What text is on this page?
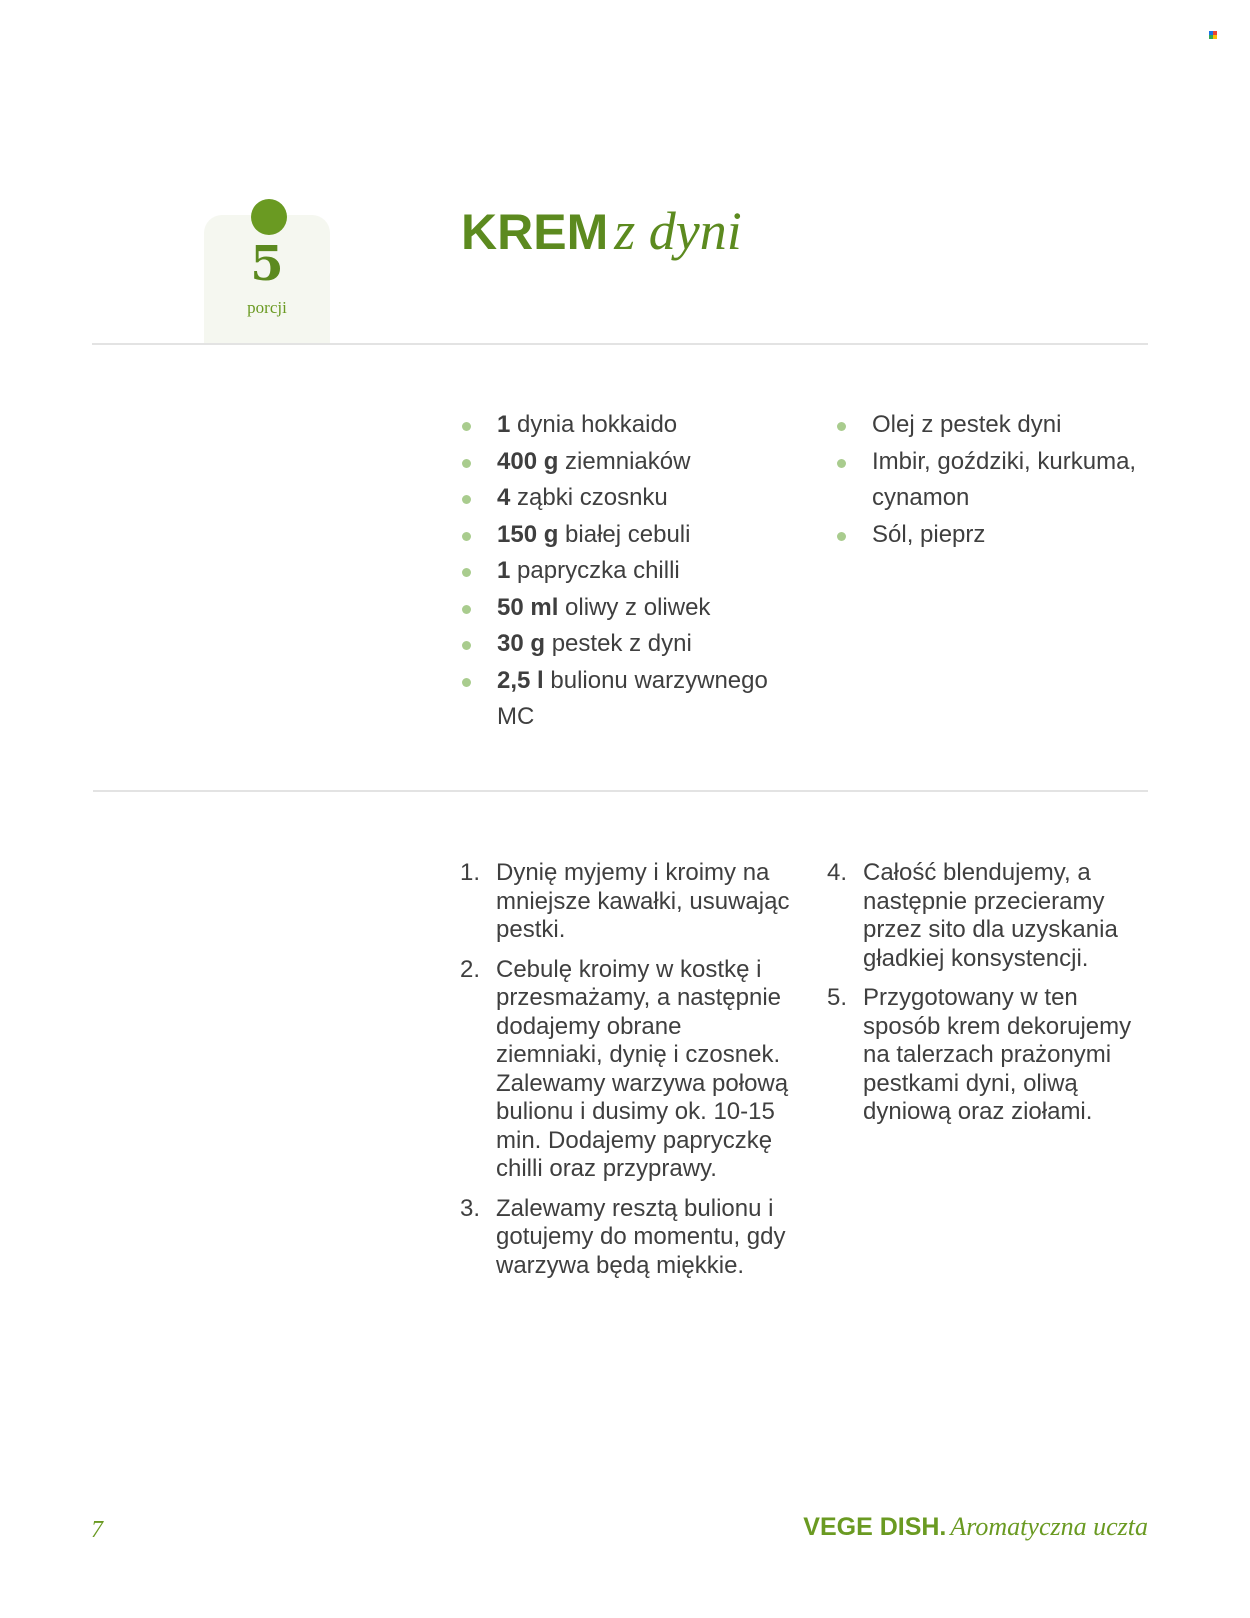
5
porcji
KREM z dyni
1 dynia hokkaido
400 g ziemniaków
4 ząbki czosnku
150 g białej cebuli
1 papryczka chilli
50 ml oliwy z oliwek
30 g pestek z dyni
2,5 l bulionu warzywnego MC
Olej z pestek dyni
Imbir, goździki, kurkuma, cynamon
Sól, pieprz
1. Dynię myjemy i kroimy na mniejsze kawałki, usuwając pestki.
2. Cebulę kroimy w kostkę i przesmażamy, a następnie dodajemy obrane ziemniaki, dynię i czosnek. Zalewamy warzywa połową bulionu i dusimy ok. 10-15 min. Dodajemy papryczkę chilli oraz przyprawy.
3. Zalewamy resztą bulionu i gotujemy do momentu, gdy warzywa będą miękkie.
4. Całość blendujemy, a następnie przecieramy przez sito dla uzyskania gładkiej konsystencji.
5. Przygotowany w ten sposób krem dekorujemy na talerzach prażonymi pestkami dyni, oliwą dyniową oraz ziołami.
7	VEGE DISH. Aromatyczna uczta
